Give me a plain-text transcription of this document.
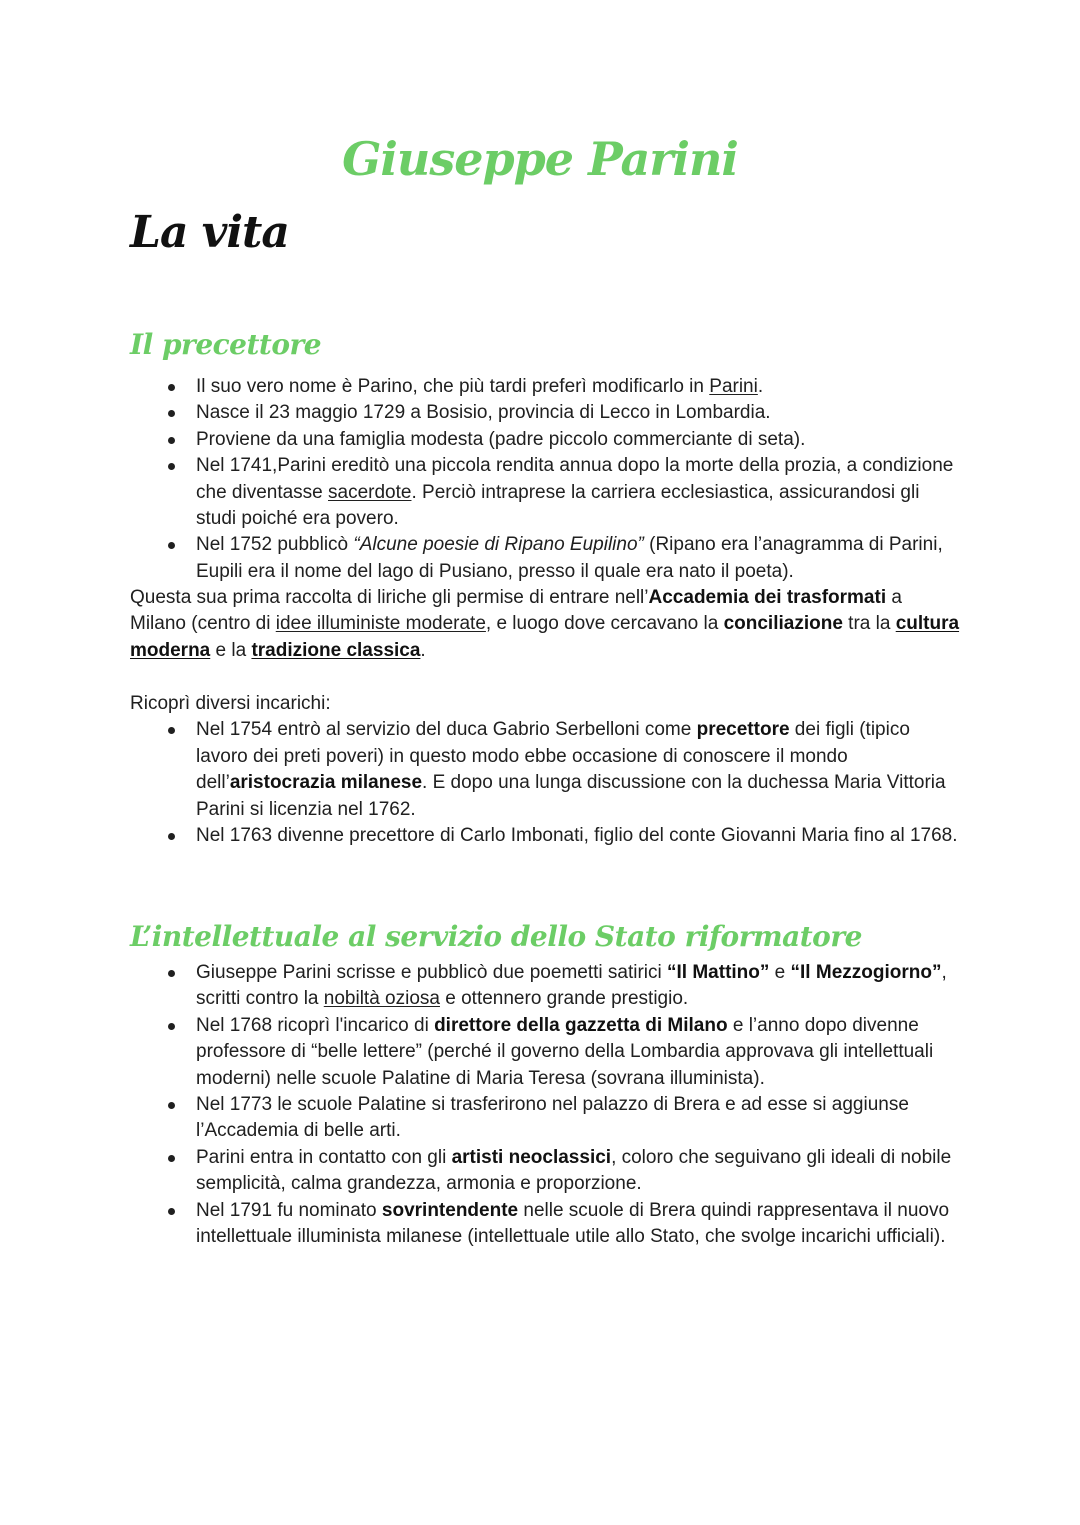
Giuseppe Parini
La vita
Il precettore
Il suo vero nome è Parino, che più tardi preferì modificarlo in Parini.
Nasce il 23 maggio 1729 a Bosisio, provincia di Lecco in Lombardia.
Proviene da una famiglia modesta (padre piccolo commerciante di seta).
Nel 1741,Parini ereditò una piccola rendita annua dopo la morte della prozia, a condizione che diventasse sacerdote. Perciò intraprese la carriera ecclesiastica, assicurandosi gli studi poiché era povero.
Nel 1752 pubblicò “Alcune poesie di Ripano Eupilino” (Ripano era l’anagramma di Parini, Eupili era il nome del lago di Pusiano, presso il quale era nato il poeta).

Questa sua prima raccolta di liriche gli permise di entrare nell’Accademia dei trasformati a Milano (centro di idee illuministe moderate, e luogo dove cercavano la conciliazione tra la cultura moderna e la tradizione classica.

Ricoprì diversi incarichi:

Nel 1754 entrò al servizio del duca Gabrio Serbelloni come precettore dei figli (tipico lavoro dei preti poveri) in questo modo ebbe occasione di conoscere il mondo dell’aristocrazia milanese. E dopo una lunga discussione con la duchessa Maria Vittoria Parini si licenzia nel 1762.
Nel 1763 divenne precettore di Carlo Imbonati, figlio del conte Giovanni Maria fino al 1768.
L’intellettuale al servizio dello Stato riformatore
Giuseppe Parini scrisse e pubblicò due poemetti satirici “Il Mattino” e “Il Mezzogiorno”, scritti contro la nobiltà oziosa e ottennero grande prestigio.
Nel 1768 ricoprì l'incarico di direttore della gazzetta di Milano e l’anno dopo divenne professore di “belle lettere” (perché il governo della Lombardia approvava gli intellettuali moderni) nelle scuole Palatine di Maria Teresa (sovrana illuminista).
Nel 1773 le scuole Palatine si trasferirono nel palazzo di Brera e ad esse si aggiunse l’Accademia di belle arti.
Parini entra in contatto con gli artisti neoclassici, coloro che seguivano gli ideali di nobile semplicità, calma grandezza, armonia e proporzione.
Nel 1791 fu nominato sovrintendente nelle scuole di Brera quindi rappresentava il nuovo intellettuale illuminista milanese (intellettuale utile allo Stato, che svolge incarichi ufficiali).
